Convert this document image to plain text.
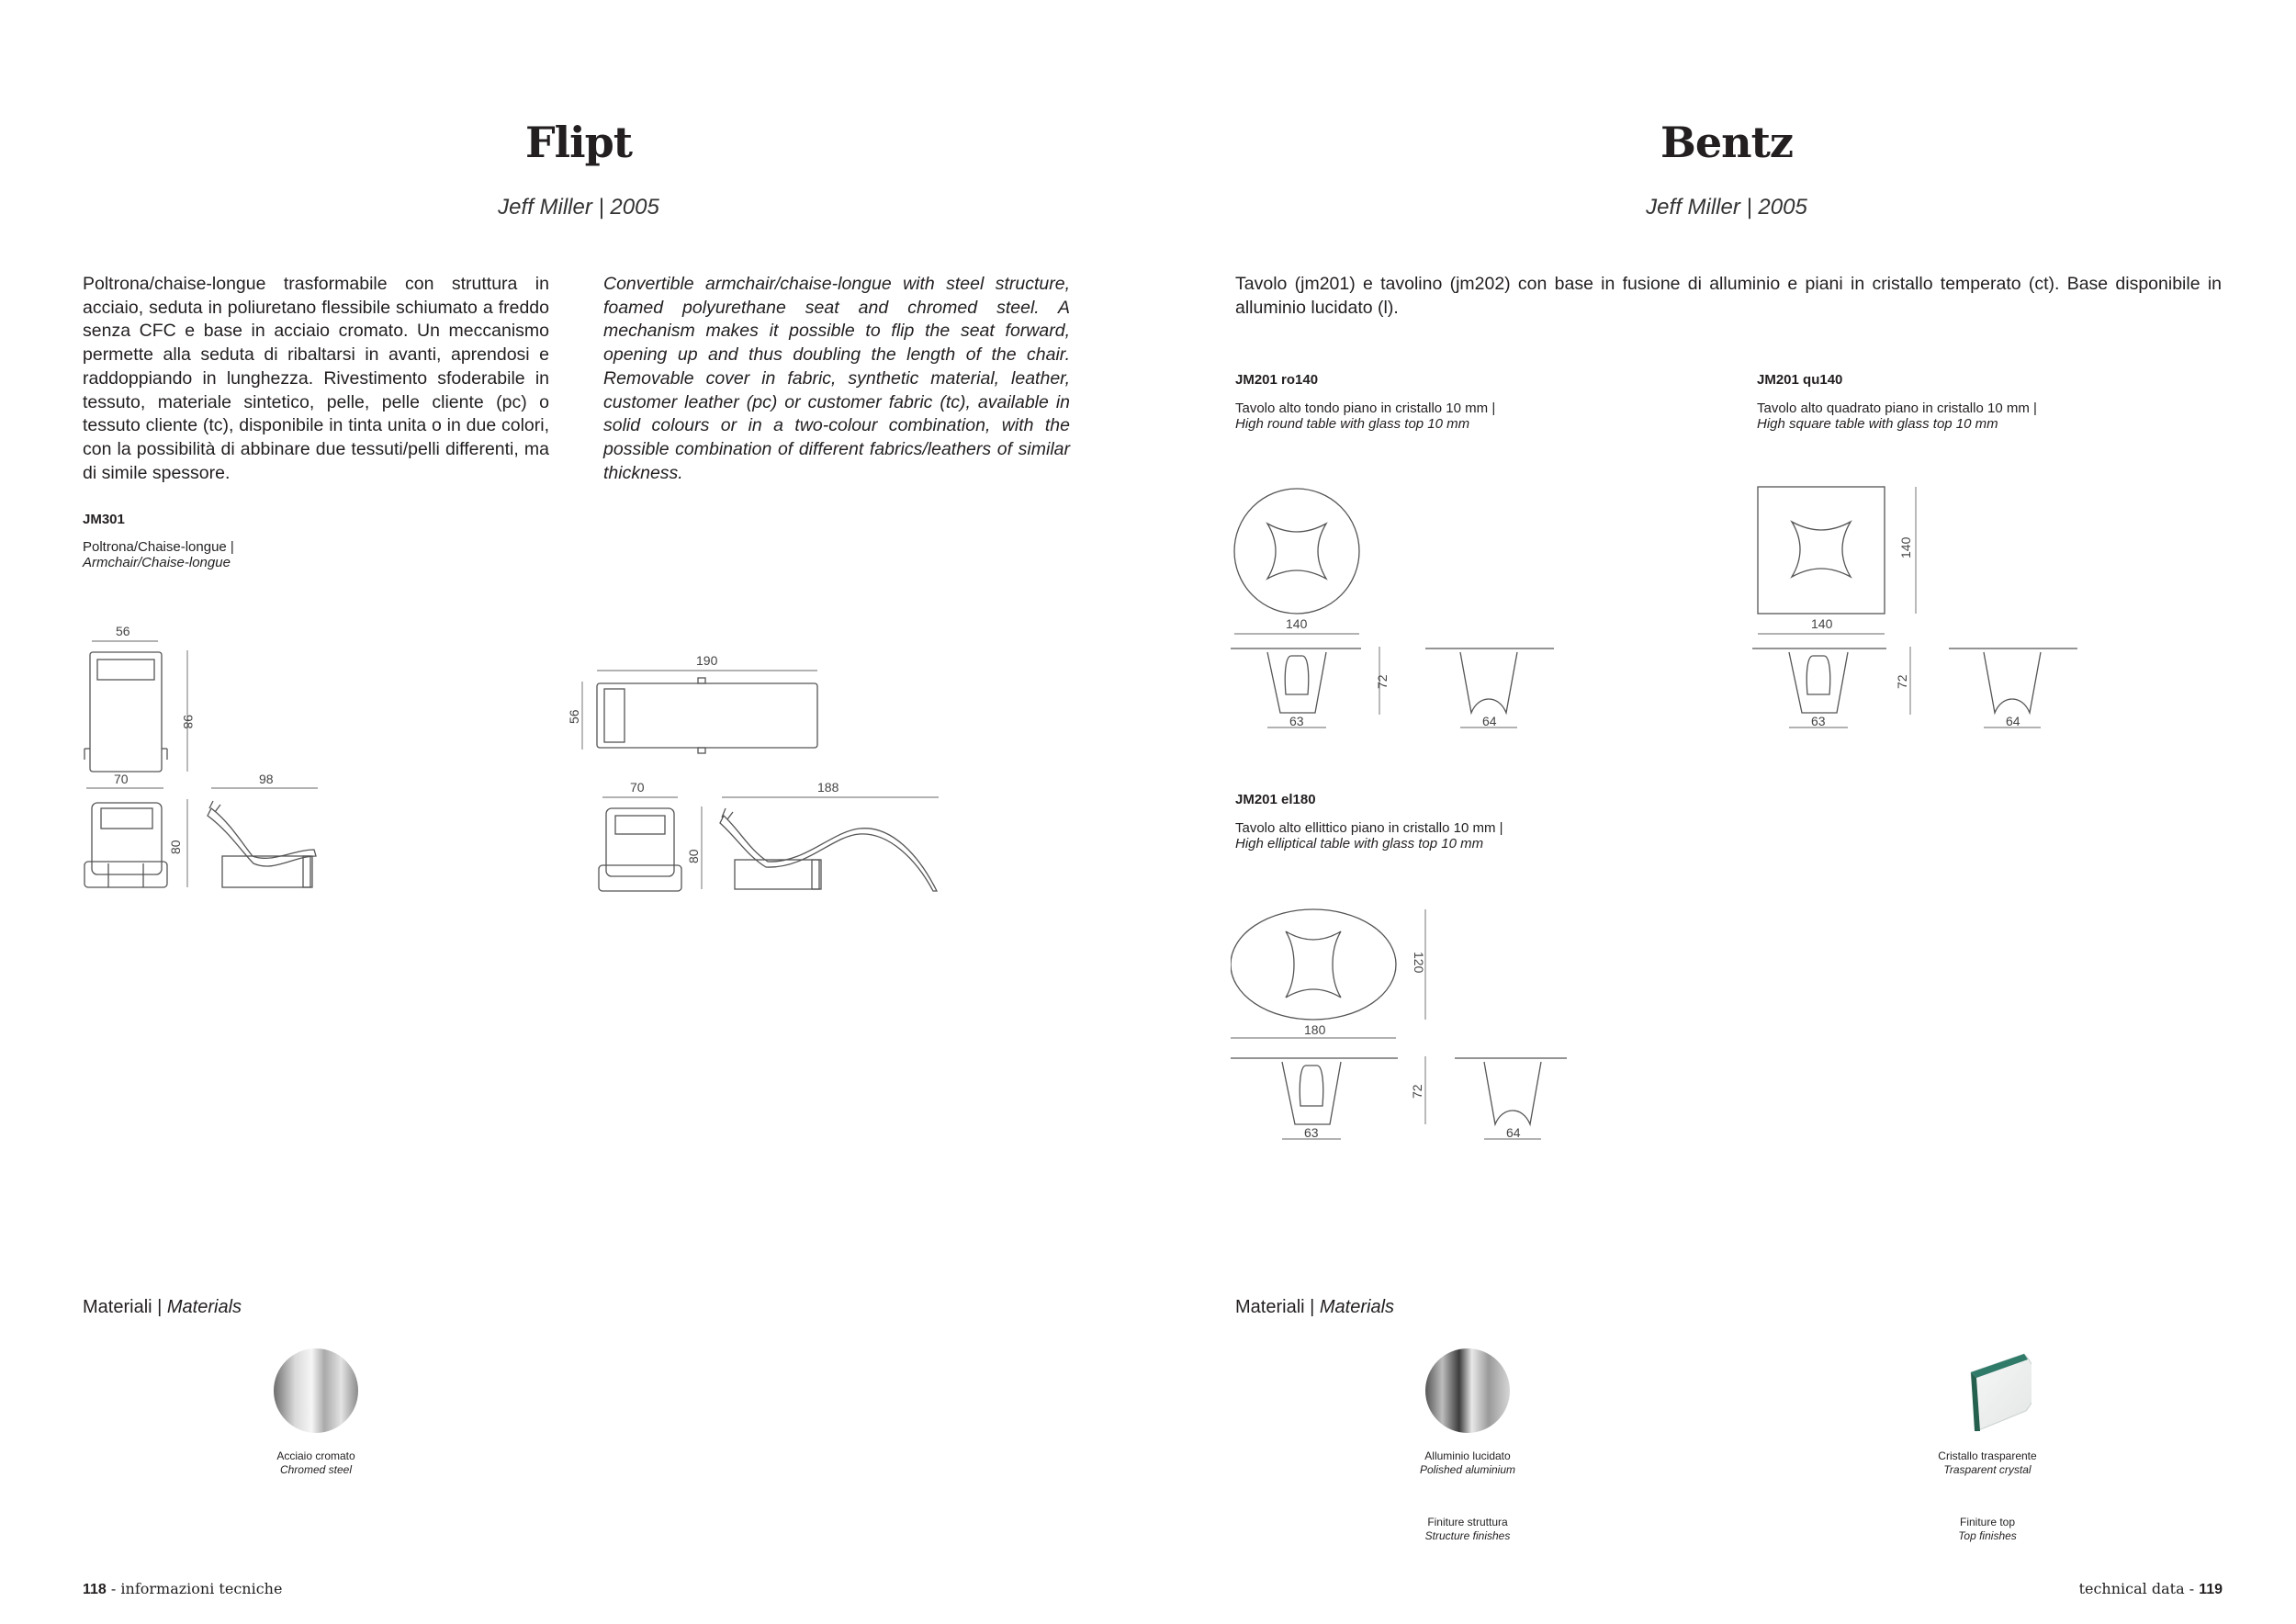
Flipt
Jeff Miller | 2005
Poltrona/chaise-longue trasformabile con struttura in acciaio, seduta in poliuretano flessibile schiumato a freddo senza CFC e base in acciaio cromato. Un meccanismo permette alla seduta di ribaltarsi in avanti, aprendosi e raddoppiando in lunghezza. Rivestimento sfoderabile in tessuto, materiale sintetico, pelle, pelle cliente (pc) o tessuto cliente (tc), disponibile in tinta unita o in due colori, con la possibilità di abbinare due tessuti/pelli differenti, ma di simile spessore.
Convertible armchair/chaise-longue with steel structure, foamed polyurethane seat and chromed steel. A mechanism makes it possible to flip the seat forward, opening up and thus doubling the length of the chair. Removable cover in fabric, synthetic material, leather, customer leather (pc) or customer fabric (tc), available in solid colours or in a two-colour combination, with the possible combination of different fabrics/leathers of similar thickness.
JM301
Poltrona/Chaise-longue |
Armchair/Chaise-longue
56
98
70
80
98
190
56
70
80
188
Materiali | Materials
Acciaio cromato
Chromed steel
118 - informazioni tecniche
Bentz
Jeff Miller | 2005
Tavolo (jm201) e tavolino (jm202) con base in fusione di alluminio e piani in cristallo temperato (ct). Base disponibile in alluminio lucidato (l).
JM201 ro140
Tavolo alto tondo piano in cristallo 10 mm |
High round table with glass top 10 mm
140
63
72
64
JM201 qu140
Tavolo alto quadrato piano in cristallo 10 mm |
High square table with glass top 10 mm
140
140
63
72
64
JM201 el180
Tavolo alto ellittico piano in cristallo 10 mm |
High elliptical table with glass top 10 mm
120
180
63
72
64
Materiali | Materials
Alluminio lucidato
Polished aluminium
Finiture struttura
Structure finishes
Cristallo trasparente
Trasparent crystal
Finiture top
Top finishes
technical data - 119
